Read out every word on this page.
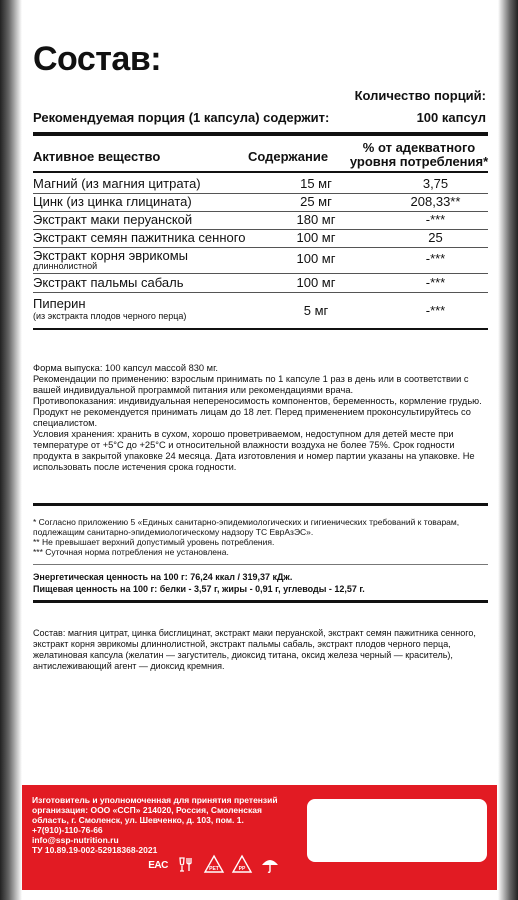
Состав:
Количество порций:
Рекомендуемая порция (1 капсула) содержит:	100 капсул
Активное вещество	Содержание
% от адекватного
уровня потребления*
Магний (из магния цитрата)	15 мг	3,75
Цинк (из цинка глицината)	25 мг	208,33**
Экстракт маки перуанской	180 мг	-***
Экстракт семян пажитника сенного	100 мг	25
Экстракт корня эврикомы
длиннолистной	100 мг	-***
Экстракт пальмы сабаль	100 мг	-***
Пиперин
(из экстракта плодов черного перца)	5 мг	-***

Форма выпуска: 100 капсул массой 830 мг.

Рекомендации по применению: взрослым принимать по 1 капсуле 1 раз в день или в соответствии с вашей индивидуальной программой питания или рекомендациями врача.

Противопоказания: индивидуальная непереносимость компонентов, беременность, кормление грудью. Продукт не рекомендуется принимать лицам до 18 лет. Перед применением проконсультируйтесь со специалистом.

Условия хранения: хранить в сухом, хорошо проветриваемом, недоступном для детей месте при температуре от +5°С до +25°С и относительной влажности воздуха не более 75%. Срок годности продукта в закрытой упаковке 24 месяца. Дата изготовления и номер партии указаны на упаковке. Не использовать после истечения срока годности.

* Согласно приложению 5 «Единых санитарно-эпидемиологических и гигиенических требований к товарам, подлежащим санитарно-эпидемиологическому надзору ТС ЕврАзЭС».

** Не превышает верхний допустимый уровень потребления.

*** Суточная норма потребления не установлена.

Энергетическая ценность на 100 г: 76,24 ккал / 319,37 кДж.
Пищевая ценность на 100 г: белки - 3,57 г, жиры - 0,91 г, углеводы - 12,57 г.
Состав: магния цитрат, цинка бисглицинат, экстракт маки перуанской, экстракт семян пажитника сенного, экстракт корня эврикомы длиннолистной, экстракт пальмы сабаль, экстракт плодов черного перца, желатиновая капсула (желатин — загуститель, диоксид титана, оксид железа черный — краситель), антислеживающий агент — диоксид кремния.
Изготовитель и уполномоченная для принятия претензий
организация: ООО «ССП» 214020, Россия, Смоленская
область, г. Смоленск, ул. Шевченко, д. 103, пом. 1.
+7(910)-110-76-66
info@ssp-nutrition.ru
ТУ 10.89.19-002-52918368-2021
EAC	PET	PP
